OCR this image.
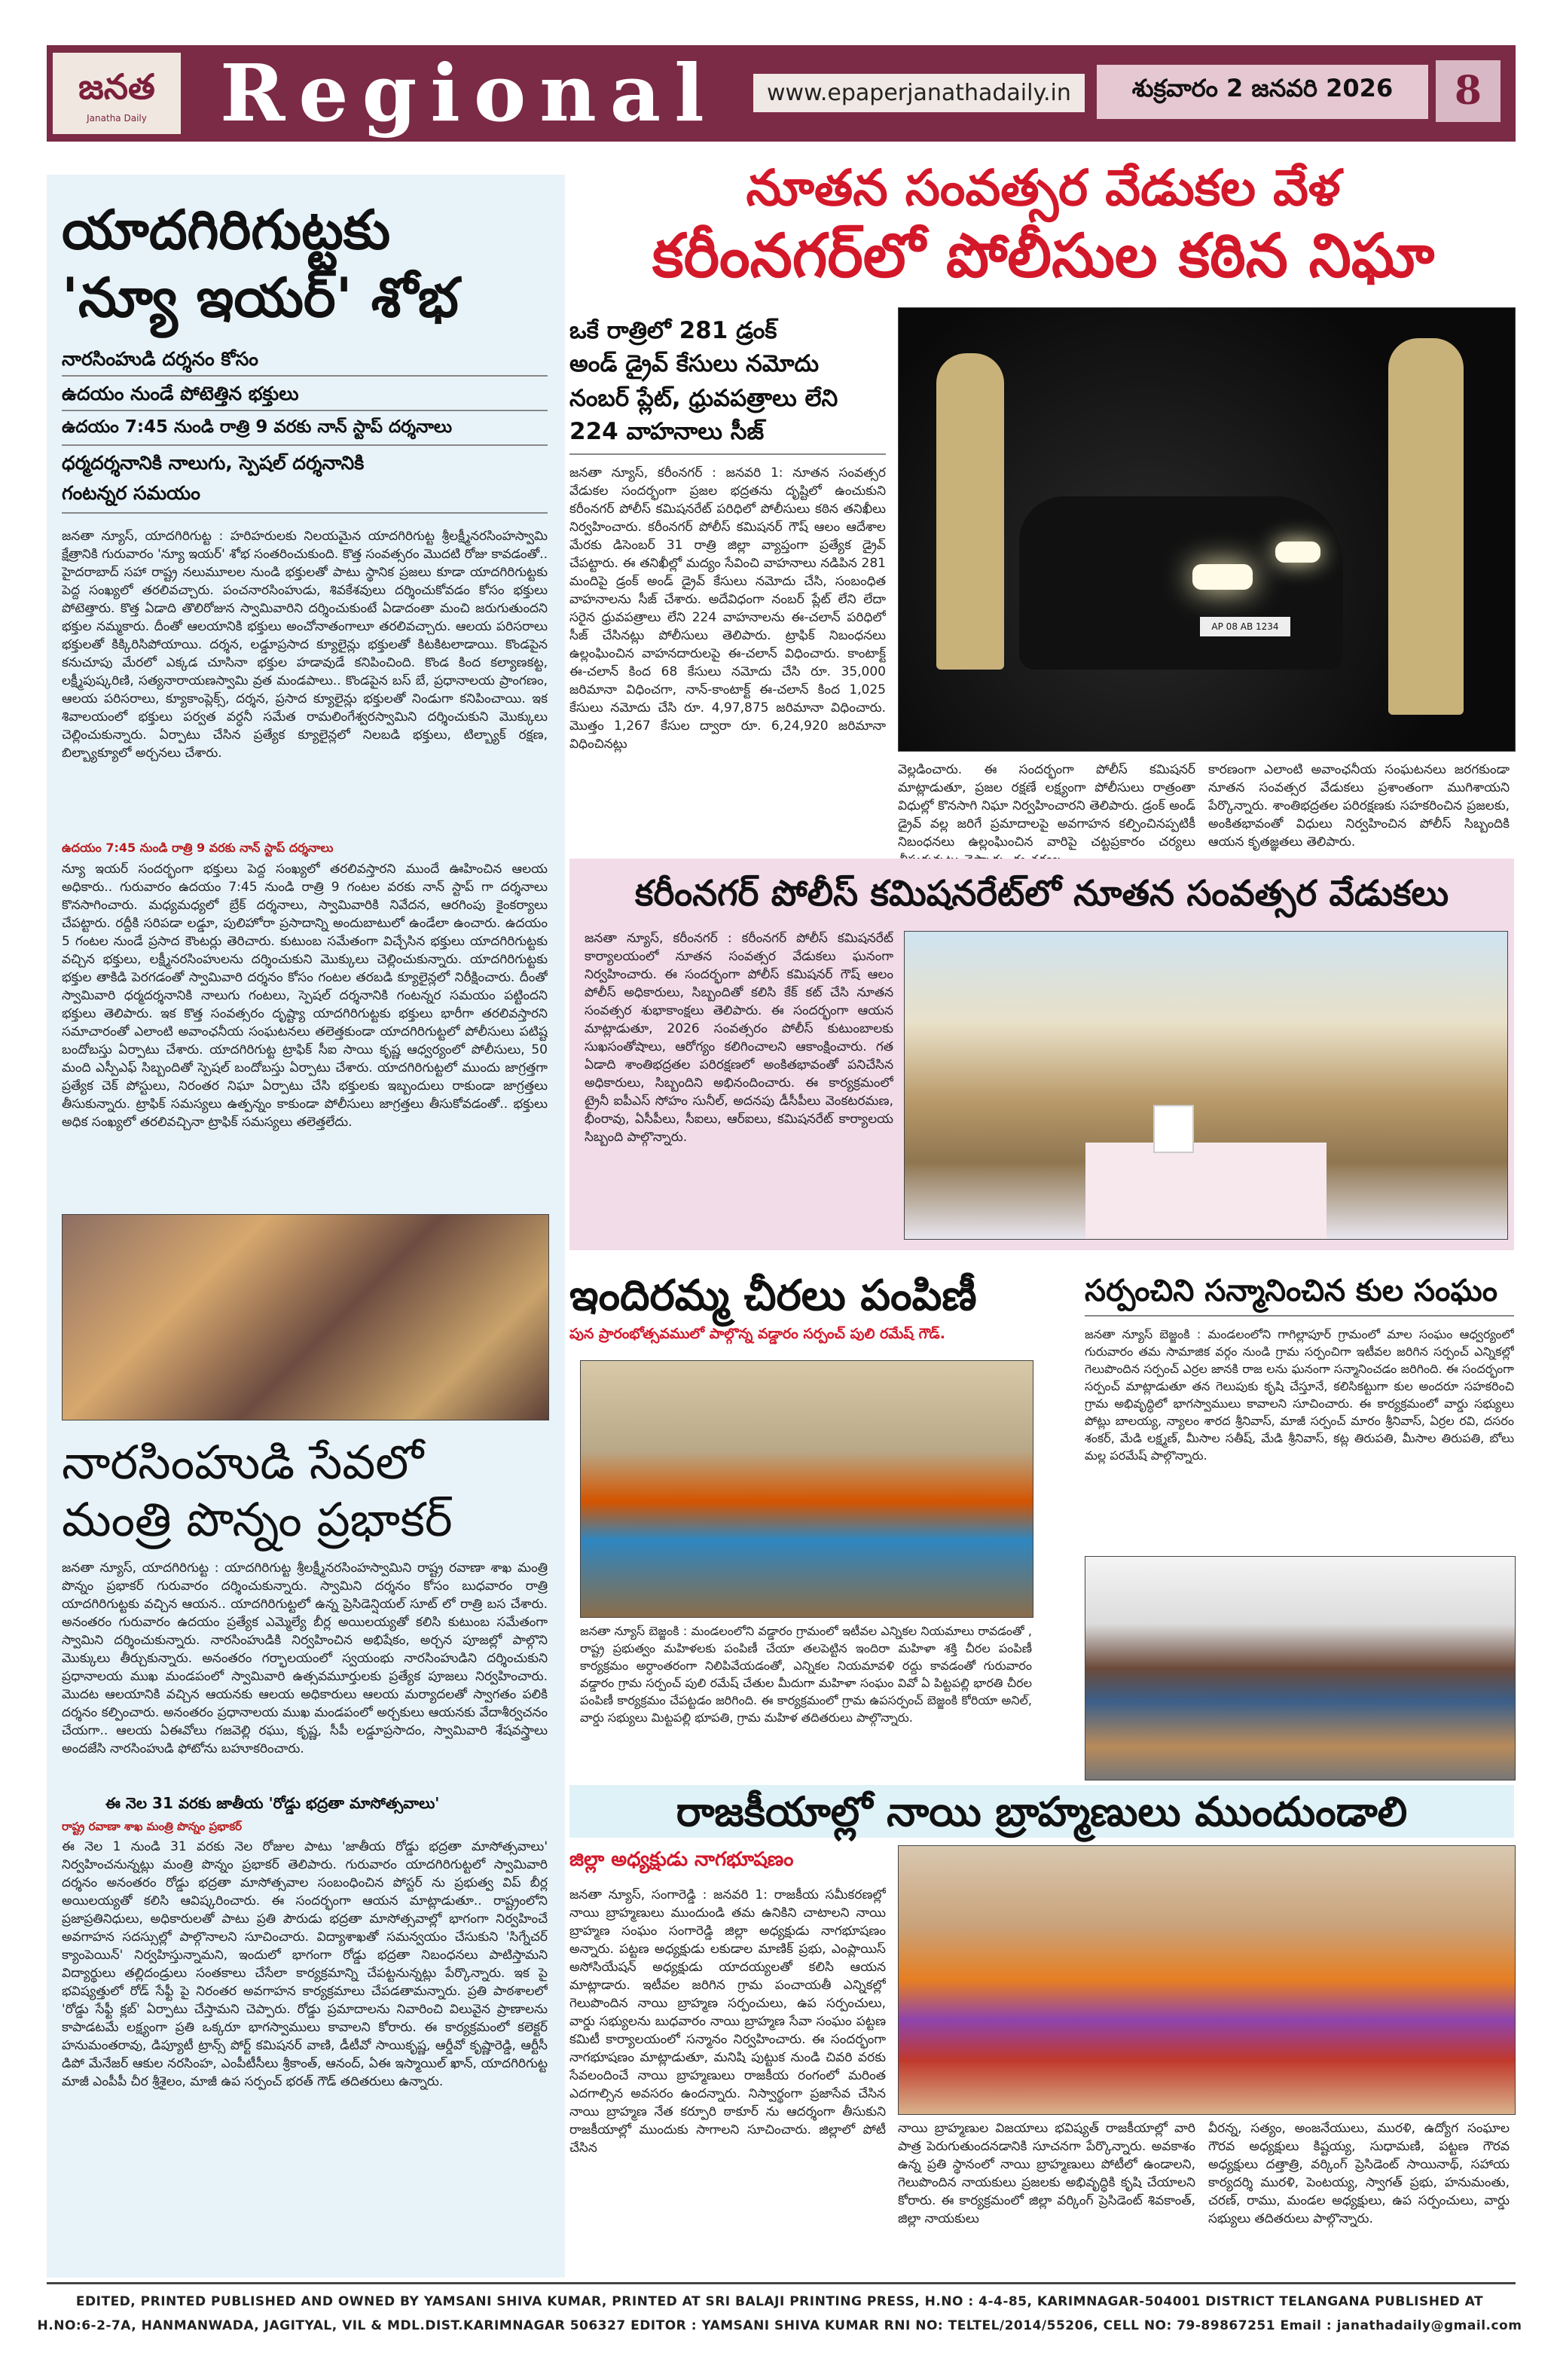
జనత
Janatha Daily Regional	www.epaperjanathadaily.in	శుక్రవారం 2 జనవరి 2026	8
యాదగిరిగుట్టకు
'న్యూ ఇయర్' శోభ
నారసింహుడి దర్శనం కోసం
ఉదయం నుండే పోటెత్తిన భక్తులు
ఉదయం 7:45 నుండి రాత్రి 9 వరకు నాన్ స్టాప్ దర్శనాలు
ధర్మదర్శనానికి నాలుగు, స్పెషల్ దర్శనానికి
గంటన్నర సమయం
జనతా న్యూస్, యాదగిరిగుట్ట : హరిహరులకు నిలయమైన యాదగిరిగుట్ట శ్రీలక్ష్మీనరసింహస్వామి క్షేత్రానికి గురువారం 'న్యూ ఇయర్' శోభ సంతరించుకుంది. కొత్త సంవత్సరం మొదటి రోజు కావడంతో.. హైదరాబాద్ సహా రాష్ట్ర నలుమూలల నుండి భక్తులతో పాటు స్థానిక ప్రజలు కూడా యాదగిరిగుట్టకు పెద్ద సంఖ్యలో తరలివచ్చారు. పంచనారసింహుడు, శివకేశవులు దర్శించుకోవడం కోసం భక్తులు పోటెత్తారు. కొత్త ఏడాది తొలిరోజున స్వామివారిని దర్శించుకుంటే ఏడాదంతా మంచి జరుగుతుందని భక్తుల నమ్మకారు. దీంతో ఆలయానికి భక్తులు అంచోనాతంగాలూ తరలివచ్చారు. ఆలయ పరిసరాలు భక్తులతో కిక్కిరిసిపోయాయి. దర్శన, లడ్డూప్రసాద క్యూలైన్లు భక్తులతో కిటకిటలాడాయి. కొండపైన కనుచూపు మేరలో ఎక్కడ చూసినా భక్తుల హడావుడే కనిపించింది. కొండ కింద కల్యాణకట్ట, లక్ష్మీపుష్కరిణి, సత్యనారాయణస్వామి వ్రత మండపాలు.. కొండపైన బస్ బే, ప్రధానాలయ ప్రాంగణం, ఆలయ పరిసరాలు, క్యూకాంప్లెక్స్, దర్శన, ప్రసాద క్యూలైన్లు భక్తులతో నిండుగా కనిపించాయి. ఇక శివాలయంలో భక్తులు పర్వత వర్ధనీ సమేత రామలింగేశ్వరస్వామిని దర్శించుకుని మొక్కులు చెల్లించుకున్నారు. ఏర్పాటు చేసిన ప్రత్యేక క్యూలైన్లలో నిలబడి భక్తులు, టిల్బ్యాక్ రక్షణ, బిల్బ్యాక్యూలో అర్చనలు చేశారు.
ఉదయం 7:45 నుండి రాత్రి 9 వరకు నాన్ స్టాప్ దర్శనాలు
న్యూ ఇయర్ సందర్భంగా భక్తులు పెద్ద సంఖ్యలో తరలివస్తారని ముందే ఊహించిన ఆలయ అధికారు.. గురువారం ఉదయం 7:45 నుండి రాత్రి 9 గంటల వరకు నాన్ స్టాప్ గా దర్శనాలు కొనసాగించారు. మధ్యమధ్యలో బ్రేక్ దర్శనాలు, స్వామివారికి నివేదన, ఆరగింపు కైంకర్యాలు చేపట్టారు. రద్దీకి సరిపడా లడ్డూ, పులిహోరా ప్రసాదాన్ని అందుబాటులో ఉండేలా ఉంచారు. ఉదయం 5 గంటల నుండే ప్రసాద కౌంటర్లు తెరిచారు. కుటుంబ సమేతంగా విచ్చేసిన భక్తులు యాదగిరిగుట్టకు వచ్చిన భక్తులు, లక్ష్మీనరసింహులను దర్శించుకుని మొక్కులు చెల్లించుకున్నారు. యాదగిరిగుట్టకు భక్తుల తాకిడి పెరగడంతో స్వామివారి దర్శనం కోసం గంటల తరబడి క్యూలైన్లలో నిరీక్షించారు. దీంతో స్వామివారి ధర్మదర్శనానికి నాలుగు గంటలు, స్పెషల్ దర్శనానికి గంటన్నర సమయం పట్టిందని భక్తులు తెలిపారు. ఇక కొత్త సంవత్సరం దృష్ట్యా యాదగిరిగుట్టకు భక్తులు భారీగా తరలివస్తారని సమాచారంతో ఎలాంటి అవాంఛనీయ సంఘటనలు తలెత్తకుండా యాదగిరిగుట్టలో పోలీసులు పటిష్ట బందోబస్తు ఏర్పాటు చేశారు. యాదగిరిగుట్ట ట్రాఫిక్ సీఐ సాయి కృష్ణ ఆధ్వర్యంలో పోలీసులు, 50 మంది ఎస్పీఎఫ్ సిబ్బందితో స్పెషల్ బందోబస్తు ఏర్పాటు చేశారు. యాదగిరిగుట్టలో ముందు జాగ్రత్తగా ప్రత్యేక చెక్ పోస్టులు, నిరంతర నిఘా ఏర్పాటు చేసి భక్తులకు ఇబ్బందులు రాకుండా జాగ్రత్తలు తీసుకున్నారు. ట్రాఫిక్ సమస్యలు ఉత్పన్నం కాకుండా పోలీసులు జాగ్రత్తలు తీసుకోవడంతో.. భక్తులు అధిక సంఖ్యలో తరలివచ్చినా ట్రాఫిక్ సమస్యలు తలెత్తలేదు.
నారసింహుడి సేవలో
మంత్రి పొన్నం ప్రభాకర్
జనతా న్యూస్, యాదగిరిగుట్ట : యాదగిరిగుట్ట శ్రీలక్ష్మీనరసింహస్వామిని రాష్ట్ర రవాణా శాఖ మంత్రి పొన్నం ప్రభాకర్ గురువారం దర్శించుకున్నారు. స్వామిని దర్శనం కోసం బుధవారం రాత్రి యాదగిరిగుట్టకు వచ్చిన ఆయన.. యాదగిరిగుట్టలో ఉన్న ప్రెసిడెన్షియల్ సూట్ లో రాత్రి బస చేశారు. అనంతరం గురువారం ఉదయం ప్రత్యేక ఎమ్మెల్యే బీర్ల అయిలయ్యతో కలిసి కుటుంబ సమేతంగా స్వామిని దర్శించుకున్నారు. నారసింహుడికి నిర్వహించిన అభిషేకం, అర్చన పూజల్లో పాల్గొని మొక్కులు తీర్చుకున్నారు. అనంతరం గర్భాలయంలో స్వయంభు నారసింహుడిని దర్శించుకుని ప్రధానాలయ ముఖ మండపంలో స్వామివారి ఉత్సవమూర్తులకు ప్రత్యేక పూజలు నిర్వహించారు. మొదట ఆలయానికి వచ్చిన ఆయనకు ఆలయ అధికారులు ఆలయ మర్యాదలతో స్వాగతం పలికి దర్శనం కల్పించారు. అనంతరం ప్రధానాలయ ముఖ మండపంలో అర్చకులు ఆయనకు వేదాశీర్వచనం చేయగా.. ఆలయ ఏఈవోలు గజవెల్లి రఘు, కృష్ణ, సీపీ లడ్డూప్రసాదం, స్వామివారి శేషవస్త్రాలు అందజేసి నారసింహుడి ఫోటోను బహూకరించారు.
ఈ నెల 31 వరకు జాతీయ 'రోడ్డు భద్రతా మాసోత్సవాలు'
రాష్ట్ర రవాణా శాఖ మంత్రి పొన్నం ప్రభాకర్
ఈ నెల 1 నుండి 31 వరకు నెల రోజుల పాటు 'జాతీయ రోడ్డు భద్రతా మాసోత్సవాలు' నిర్వహించనున్నట్లు మంత్రి పొన్నం ప్రభాకర్ తెలిపారు. గురువారం యాదగిరిగుట్టలో స్వామివారి దర్శనం అనంతరం రోడ్డు భద్రతా మాసోత్సవాల సంబంధించిన పోస్టర్ ను ప్రభుత్వ విప్ బీర్ల అయిలయ్యతో కలిసి ఆవిష్కరించారు. ఈ సందర్భంగా ఆయన మాట్లాడుతూ.. రాష్ట్రంలోని ప్రజాప్రతినిధులు, అధికారులతో పాటు ప్రతి పౌరుడు భద్రతా మాసోత్సవాల్లో భాగంగా నిర్వహించే అవగాహన సదస్సుల్లో పాల్గొనాలని సూచించారు. విద్యాశాఖతో సమన్వయం చేసుకుని 'సిగ్నేచర్ క్యాంపెయిన్' నిర్వహిస్తున్నామని, ఇందులో భాగంగా రోడ్డు భద్రతా నిబంధనలు పాటిస్తామని విద్యార్థులు తల్లిదండ్రులు సంతకాలు చేసేలా కార్యక్రమాన్ని చేపట్టనున్నట్లు పేర్కొన్నారు. ఇక పై భవిష్యత్తులో రోడ్ సేఫ్టీ పై నిరంతర అవగాహన కార్యక్రమాలు చేపడతామన్నారు. ప్రతి పాఠశాలలో 'రోడ్డు సేఫ్టీ క్లబ్' ఏర్పాటు చేస్తామని చెప్పారు. రోడ్డు ప్రమాదాలను నివారించి విలువైన ప్రాణాలను కాపాడటమే లక్ష్యంగా ప్రతి ఒక్కరూ భాగస్వాములు కావాలని కోరారు. ఈ కార్యక్రమంలో కలెక్టర్ హనుమంతరావు, డిప్యూటీ ట్రాన్స్ పోర్ట్ కమిషనర్ వాణి, డీటీవో సాయికృష్ణ, ఆర్డీవో కృష్ణారెడ్డి, ఆర్టీసీ డిపో మేనేజర్ ఆకుల నరసింహ, ఎంపీటీసీలు శ్రీకాంత్, ఆనంద్, ఏఈ ఇస్మాయిల్ ఖాన్, యాదగిరిగుట్ట మాజీ ఎంపీపీ చీర శ్రీశైలం, మాజీ ఉప సర్పంచ్ భరత్ గౌడ్ తదితరులు ఉన్నారు.
నూతన సంవత్సర వేడుకల వేళ
కరీంనగర్‌లో పోలీసుల కఠిన నిఘా
ఒకే రాత్రిలో 281 డ్రంక్
అండ్ డ్రైవ్ కేసులు నమోదు
నంబర్ ప్లేట్, ధ్రువపత్రాలు లేని
224 వాహనాలు సీజ్
జనతా న్యూస్, కరీంనగర్ : జనవరి 1: నూతన సంవత్సర వేడుకల సందర్భంగా ప్రజల భద్రతను దృష్టిలో ఉంచుకుని కరీంనగర్ పోలీస్ కమిషనరేట్ పరిధిలో పోలీసులు కఠిన తనిఖీలు నిర్వహించారు. కరీంనగర్ పోలీస్ కమిషనర్ గౌష్ ఆలం ఆదేశాల మేరకు డిసెంబర్ 31 రాత్రి జిల్లా వ్యాప్తంగా ప్రత్యేక డ్రైవ్ చేపట్టారు. ఈ తనిఖీల్లో మద్యం సేవించి వాహనాలు నడిపిన 281 మందిపై డ్రంక్ అండ్ డ్రైవ్ కేసులు నమోదు చేసి, సంబంధిత వాహనాలను సీజ్ చేశారు. అదేవిధంగా నంబర్ ప్లేట్ లేని లేదా సరైన ధ్రువపత్రాలు లేని 224 వాహనాలను ఈ-చలాన్ పరిధిలో సీజ్ చేసినట్లు పోలీసులు తెలిపారు. ట్రాఫిక్ నిబంధనలు ఉల్లంఘించిన వాహనదారులపై ఈ-చలాన్ విధించారు. కాంటాక్ట్ ఈ-చలాన్ కింద 68 కేసులు నమోదు చేసి రూ. 35,000 జరిమానా విధించగా, నాన్-కాంటాక్ట్ ఈ-చలాన్ కింద 1,025 కేసులు నమోదు చేసి రూ. 4,97,875 జరిమానా విధించారు. మొత్తం 1,267 కేసుల ద్వారా రూ. 6,24,920 జరిమానా విధించినట్లు
AP 08 AB 1234
వెల్లడించారు. ఈ సందర్భంగా పోలీస్ కమిషనర్ మాట్లాడుతూ, ప్రజల రక్షణే లక్ష్యంగా పోలీసులు రాత్రంతా విధుల్లో కొనసాగి నిఘా నిర్వహించారని తెలిపారు. డ్రంక్ అండ్ డ్రైవ్ వల్ల జరిగే ప్రమాదాలపై అవగాహన కల్పించినప్పటికీ నిబంధనలు ఉల్లంఘించిన వారిపై చట్టప్రకారం చర్యలు
కారణంగా ఎలాంటి అవాంఛనీయ సంఘటనలు జరగకుండా నూతన సంవత్సర వేడుకలు ప్రశాంతంగా ముగిశాయని పేర్కొన్నారు. శాంతిభద్రతల పరిరక్షణకు సహకరించిన ప్రజలకు, అంకితభావంతో విధులు నిర్వహించిన పోలీస్ సిబ్బందికి ఆయన కృతజ్ఞతలు తెలిపారు.
కరీంనగర్ పోలీస్ కమిషనరేట్‌లో నూతన సంవత్సర వేడుకలు
జనతా న్యూస్, కరీంనగర్ : కరీంనగర్ పోలీస్ కమిషనరేట్ కార్యాలయంలో నూతన సంవత్సర వేడుకలు ఘనంగా నిర్వహించారు. ఈ సందర్భంగా పోలీస్ కమిషనర్ గౌష్ ఆలం పోలీస్ అధికారులు, సిబ్బందితో కలిసి కేక్ కట్ చేసి నూతన సంవత్సర శుభాకాంక్షలు తెలిపారు. ఈ సందర్భంగా ఆయన మాట్లాడుతూ, 2026 సంవత్సరం పోలీస్ కుటుంబాలకు సుఖసంతోషాలు, ఆరోగ్యం కలిగించాలని ఆకాంక్షించారు. గత ఏడాది శాంతిభద్రతల పరిరక్షణలో అంకితభావంతో పనిచేసిన అధికారులు, సిబ్బందిని అభినందించారు. ఈ కార్యక్రమంలో ట్రైనీ ఐపీఎస్ సోహం సునీల్, అదనపు డీసీపీలు వెంకటరమణ, భీంరావు, ఏసీపీలు, సీఐలు, ఆర్ఐలు, కమిషనరేట్ కార్యాలయ సిబ్బంది పాల్గొన్నారు.
ఇందిరమ్మ చీరలు పంపిణీ
పున ప్రారంభోత్సవములో పాల్గొన్న వడ్డారం సర్పంచ్ పులి రమేష్ గౌడ్.
జనతా న్యూస్ బెజ్జంకి : మండలంలోని వడ్డారం గ్రామంలో ఇటీవల ఎన్నికల నియమాలు రావడంతో , రాష్ట్ర ప్రభుత్వం మహిళలకు పంపిణీ చేయా తలపెట్టిన ఇందిరా మహిళా శక్తి చీరల పంపిణీ కార్యక్రమం అర్ధాంతరంగా నిలిపివేయడంతో, ఎన్నికల నియమావళి రద్దు కావడంతో గురువారం వడ్డారం గ్రామ సర్పంచ్ పులి రమేష్ చేతుల మీదుగా మహిళా సంఘం వివో ఏ పిట్టపల్లి భారతి చీరల పంపిణీ కార్యక్రమం చేపట్టడం జరిగింది. ఈ కార్యక్రమంలో గ్రామ ఉపసర్పంచ్ బెజ్జంకి కోరియా అనిల్, వార్డు సభ్యులు మిట్టపల్లి భూపతి, గ్రామ మహిళ తదితరులు పాల్గొన్నారు.
సర్పంచిని సన్మానించిన కుల సంఘం
జనతా న్యూస్ బెజ్జంకి : మండలంలోని గాగిల్లాపూర్ గ్రామంలో మాల సంఘం ఆధ్వర్యంలో గురువారం తమ సామాజిక వర్గం నుండి గ్రామ సర్పంచిగా ఇటీవల జరిగిన సర్పంచ్ ఎన్నికల్లో గెలుపొందిన సర్పంచ్ ఎర్రల జానకి రాజ లను ఘనంగా సన్మానించడం జరిగింది. ఈ సందర్భంగా సర్పంచ్ మాట్లాడుతూ తన గెలుపుకు కృషి చేస్తూనే, కలిసికట్టుగా కుల అందరూ సహకరించి గ్రామ అభివృద్ధిలో భాగస్వాములు కావాలని సూచించారు. ఈ కార్యక్రమంలో వార్డు సభ్యులు పోట్లు బాలయ్య, న్యాలం శారద శ్రీనివాస్, మాజీ సర్పంచ్ మారం శ్రీనివాస్, ఏర్రల రవి, దసరం శంకర్, మేడి లక్ష్మణ్, మీసాల సతీష్, మేడి శ్రీనివాస్, కట్ల తిరుపతి, మీసాల తిరుపతి, బోలు మల్ల పరమేష్ పాల్గొన్నారు.
రాజకీయాల్లో నాయి బ్రాహ్మణులు ముందుండాలి
జిల్లా అధ్యక్షుడు నాగభూషణం
జనతా న్యూస్, సంగారెడ్డి : జనవరి 1: రాజకీయ సమీకరణల్లో నాయి బ్రాహ్మణులు ముందుండి తమ ఉనికిని చాటాలని నాయి బ్రాహ్మణ సంఘం సంగారెడ్డి జిల్లా అధ్యక్షుడు నాగభూషణం అన్నారు. పట్టణ అధ్యక్షుడు లకుడాల మాణిక్ ప్రభు, ఎంప్లాయిస్ అసోసియేషన్ అధ్యక్షుడు యాదయ్యలతో కలిసి ఆయన మాట్లాడారు. ఇటీవల జరిగిన గ్రామ పంచాయతీ ఎన్నికల్లో గెలుపొందిన నాయి బ్రాహ్మణ సర్పంచులు, ఉప సర్పంచులు, వార్డు సభ్యులను బుధవారం నాయి బ్రాహ్మణ సేవా సంఘం పట్టణ కమిటీ కార్యాలయంలో సన్మానం నిర్వహించారు. ఈ సందర్భంగా నాగభూషణం మాట్లాడుతూ, మనిషి పుట్టుక నుండి చివరి వరకు సేవలందించే నాయి బ్రాహ్మణులు రాజకీయ రంగంలో మరింత ఎదగాల్సిన అవసరం ఉందన్నారు. నిస్వార్థంగా ప్రజాసేవ చేసిన నాయి బ్రాహ్మణ నేత కర్పూరి ఠాకూర్ ను ఆదర్శంగా తీసుకుని రాజకీయాల్లో ముందుకు సాగాలని సూచించారు. జిల్లాలో పోటీ చేసిన
నాయి బ్రాహ్మణుల విజయాలు భవిష్యత్ రాజకీయాల్లో వారి పాత్ర పెరుగుతుందనడానికి సూచనగా పేర్కొన్నారు. అవకాశం ఉన్న ప్రతి స్థానంలో నాయి బ్రాహ్మణులు పోటీలో ఉండాలని, గెలుపొందిన నాయకులు ప్రజలకు అభివృద్ధికి కృషి చేయాలని కోరారు. ఈ కార్యక్రమంలో జిల్లా వర్కింగ్ ప్రెసిడెంట్ శివకాంత్, జిల్లా నాయకులు
వీరన్న, సత్యం, అంజనేయులు, మురళి, ఉద్యోగ సంఘాల గౌరవ అధ్యక్షులు కిష్టయ్య, సుధామణి, పట్టణ గౌరవ అధ్యక్షులు దత్తాత్రి, వర్కింగ్ ప్రెసిడెంట్ సాయినాథ్, సహాయ కార్యదర్శి మురళి, పెంటయ్య, స్వాగత్ ప్రభు, హనుమంతు, చరణ్, రాము, మండల అధ్యక్షులు, ఉప సర్పంచులు, వార్డు సభ్యులు తదితరులు పాల్గొన్నారు.
EDITED, PRINTED PUBLISHED AND OWNED BY YAMSANI SHIVA KUMAR, PRINTED AT SRI BALAJI PRINTING PRESS, H.NO : 4-4-85, KARIMNAGAR-504001 DISTRICT TELANGANA PUBLISHED AT
H.NO:6-2-7A, HANMANWADA, JAGITYAL, VIL & MDL.DIST.KARIMNAGAR 506327 EDITOR : YAMSANI SHIVA KUMAR RNI NO: TELTEL/2014/55206, CELL NO: 79-89867251 Email : janathadaily@gmail.com
